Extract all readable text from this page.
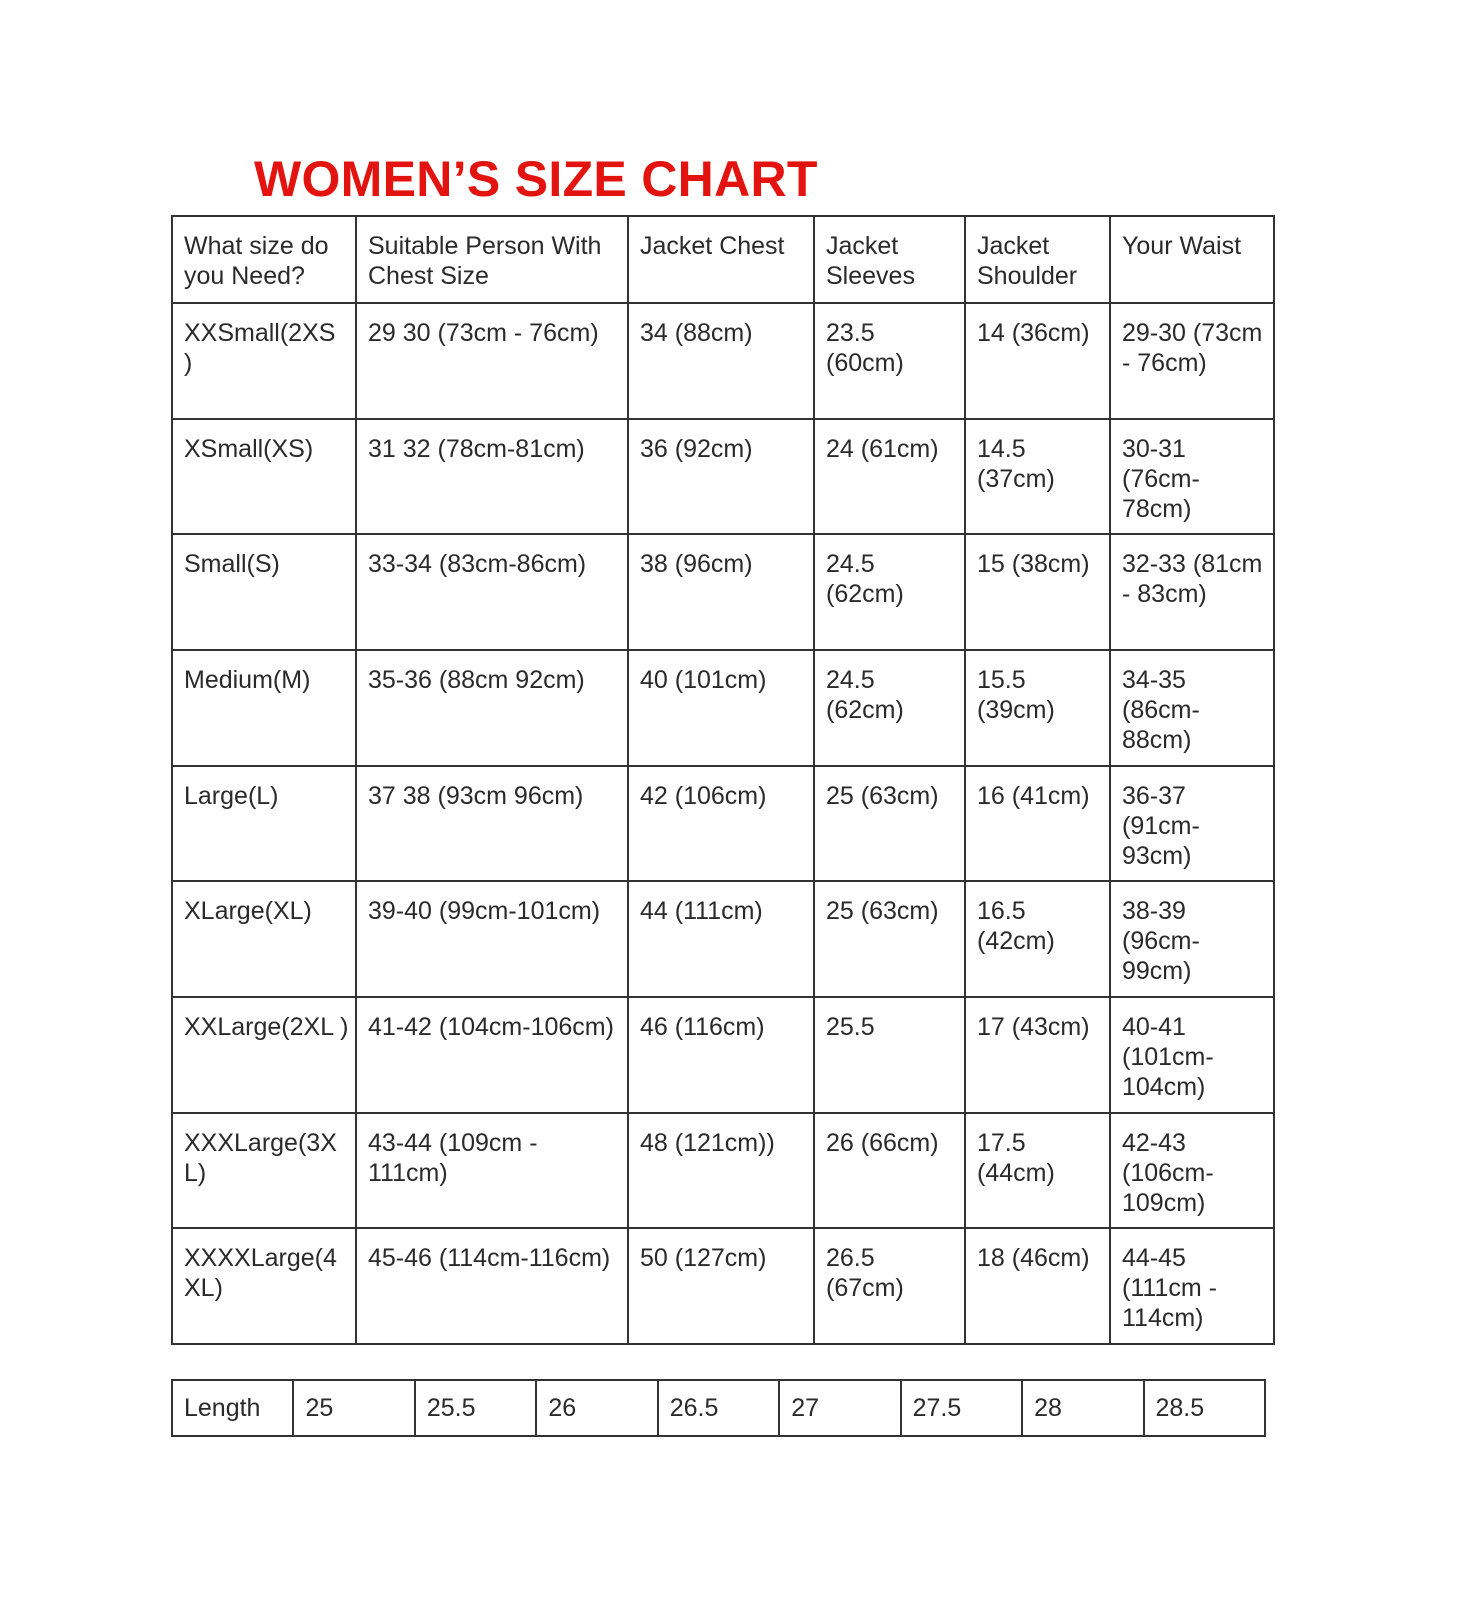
WOMEN’S SIZE CHART
What size do you Need?	Suitable Person With Chest Size	Jacket Chest	Jacket Sleeves	Jacket Shoulder	Your Waist
XXSmall(2XS )	29 30 (73cm - 76cm)	34 (88cm)	23.5 (60cm)	14 (36cm)	29-30 (73cm - 76cm)
XSmall(XS)	31 32 (78cm-81cm)	36 (92cm)	24 (61cm)	14.5 (37cm)	30-31 (76cm-78cm)
Small(S)	33-34 (83cm-86cm)	38 (96cm)	24.5 (62cm)	15 (38cm)	32-33 (81cm - 83cm)
Medium(M)	35-36 (88cm 92cm)	40 (101cm)	24.5 (62cm)	15.5 (39cm)	34-35 (86cm- 88cm)
Large(L)	37 38 (93cm 96cm)	42 (106cm)	25 (63cm)	16 (41cm)	36-37 (91cm-93cm)
XLarge(XL)	39-40 (99cm-101cm)	44 (111cm)	25 (63cm)	16.5 (42cm)	38-39 (96cm-99cm)
XXLarge(2XL )	41-42 (104cm-106cm)	46 (116cm)	25.5	17 (43cm)	40-41 (101cm-104cm)
XXXLarge(3XL)	43-44 (109cm - 111cm)	48 (121cm))	26 (66cm)	17.5 (44cm)	42-43 (106cm-109cm)
XXXXLarge(4XL)	45-46 (114cm-116cm)	50 (127cm)	26.5 (67cm)	18 (46cm)	44-45 (111cm - 114cm)
Length	25	25.5	26	26.5	27	27.5	28	28.5
